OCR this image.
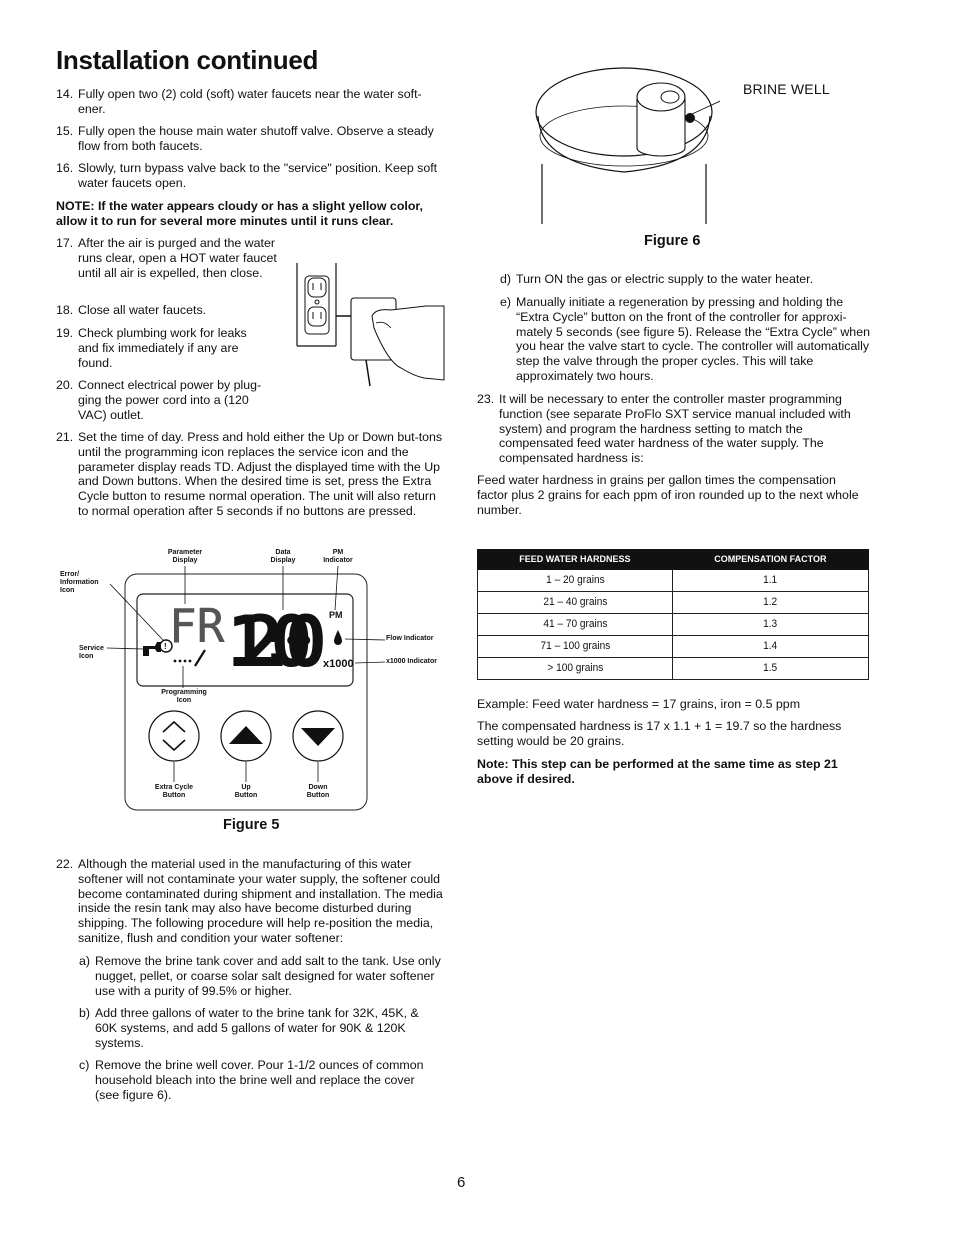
Installation continued
14. Fully open two (2) cold (soft) water faucets near the water soft-ener.
15. Fully open the house main water shutoff valve. Observe a steady flow from both faucets.
16. Slowly, turn bypass valve back to the "service" position. Keep soft water faucets open.
NOTE: If the water appears cloudy or has a slight yellow color, allow it to run for several more minutes until it runs clear.
17. After the air is purged and the water runs clear, open a HOT water faucet until all air is expelled, then close.
18. Close all water faucets.
19. Check plumbing work for leaks and fix immediately if any are found.
20. Connect electrical power by plug-ging the power cord into a (120 VAC) outlet.
21. Set the time of day. Press and hold either the Up or Down but-tons until the programming icon replaces the service icon and the parameter display reads TD. Adjust the displayed time with the Up and Down buttons. When the desired time is set, press the Extra Cycle button to resume normal operation. The unit will also return to normal operation after 5 seconds if no buttons are pressed.
Parameter Display
Data Display
PM Indicator
Error/ Information Icon
Service Icon
Programming Icon
Flow Indicator
x1000 Indicator
Extra Cycle Button
Up Button
Down Button
FR 12:00 PM
x1000
!
Figure 5
22. Although the material used in the manufacturing of this water softener will not contaminate your water supply, the softener could become contaminated during shipment and installation. The media inside the resin tank may also have become disturbed during shipping. The following procedure will help re-position the media, sanitize, flush and condition your water softener:
a) Remove the brine tank cover and add salt to the tank. Use only nugget, pellet, or coarse solar salt designed for water softener use with a purity of 99.5% or higher.
b) Add three gallons of water to the brine tank for 32K, 45K, & 60K systems, and add 5 gallons of water for 90K & 120K systems.
c) Remove the brine well cover. Pour 1-1/2 ounces of common household bleach into the brine well and replace the cover (see figure 6).
BRINE WELL
Figure 6
d) Turn ON the gas or electric supply to the water heater.
e) Manually initiate a regeneration by pressing and holding the “Extra Cycle” button on the front of the controller for approxi-mately 5 seconds (see figure 5). Release the “Extra Cycle” when you hear the valve start to cycle. The controller will automatically step the valve through the proper cycles. This will take approximately two hours.
23. It will be necessary to enter the controller master programming function (see separate ProFlo SXT service manual included with system) and program the hardness setting to match the compensated feed water hardness of the water supply. The compensated hardness is:
Feed water hardness in grains per gallon times the compensation factor plus 2 grains for each ppm of iron rounded up to the next whole number.
FEED WATER HARDNESS	COMPENSATION FACTOR
1 – 20 grains	1.1
21 – 40 grains	1.2
41 – 70 grains	1.3
71 – 100 grains	1.4
> 100 grains	1.5
Example: Feed water hardness = 17 grains, iron = 0.5 ppm
The compensated hardness is 17 x 1.1 + 1 = 19.7 so the hardness setting would be 20 grains.
Note: This step can be performed at the same time as step 21 above if desired.
6
